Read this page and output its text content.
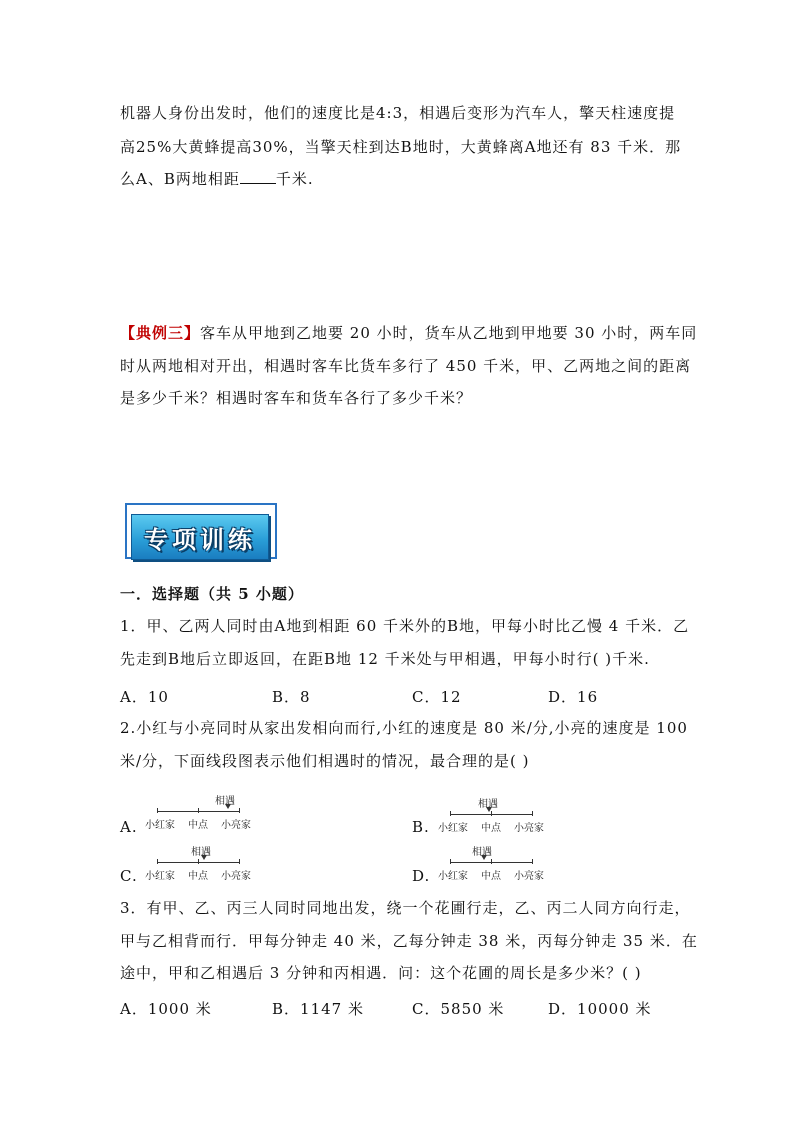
机器人身份出发时，他们的速度比是4:3，相遇后变形为汽车人，擎天柱速度提
高25%大黄蜂提高30%，当擎天柱到达B地时，大黄蜂离A地还有 83 千米．那
么A、B两地相距 千米.
【典例三】客车从甲地到乙地要 20 小时，货车从乙地到甲地要 30 小时，两车同
时从两地相对开出，相遇时客车比货车多行了 450 千米，甲、乙两地之间的距离
是多少千米？相遇时客车和货车各行了多少千米？
专项训练
一．选择题（共 5 小题）
1．甲、乙两人同时由A地到相距 60 千米外的B地，甲每小时比乙慢 4 千米．乙
先走到B地后立即返回，在距B地 12 千米处与甲相遇，甲每小时行( )千米.
A．10	B．8	C．12	D．16
2.小红与小亮同时从家出发相向而行,小红的速度是 80 米/分,小亮的速度是 100
米/分，下面线段图表示他们相遇时的情况，最合理的是( )
A.
相遇
小红家 中点 小亮家	B.
相遇
小红家 中点 小亮家
C.
相遇
小红家 中点 小亮家	D.
相遇
小红家 中点 小亮家
3．有甲、乙、丙三人同时同地出发，绕一个花圃行走，乙、丙二人同方向行走，
甲与乙相背而行．甲每分钟走 40 米，乙每分钟走 38 米，丙每分钟走 35 米．在
途中，甲和乙相遇后 3 分钟和丙相遇．问：这个花圃的周长是多少米？( )
A．1000 米	B．1147 米	C．5850 米	D．10000 米
